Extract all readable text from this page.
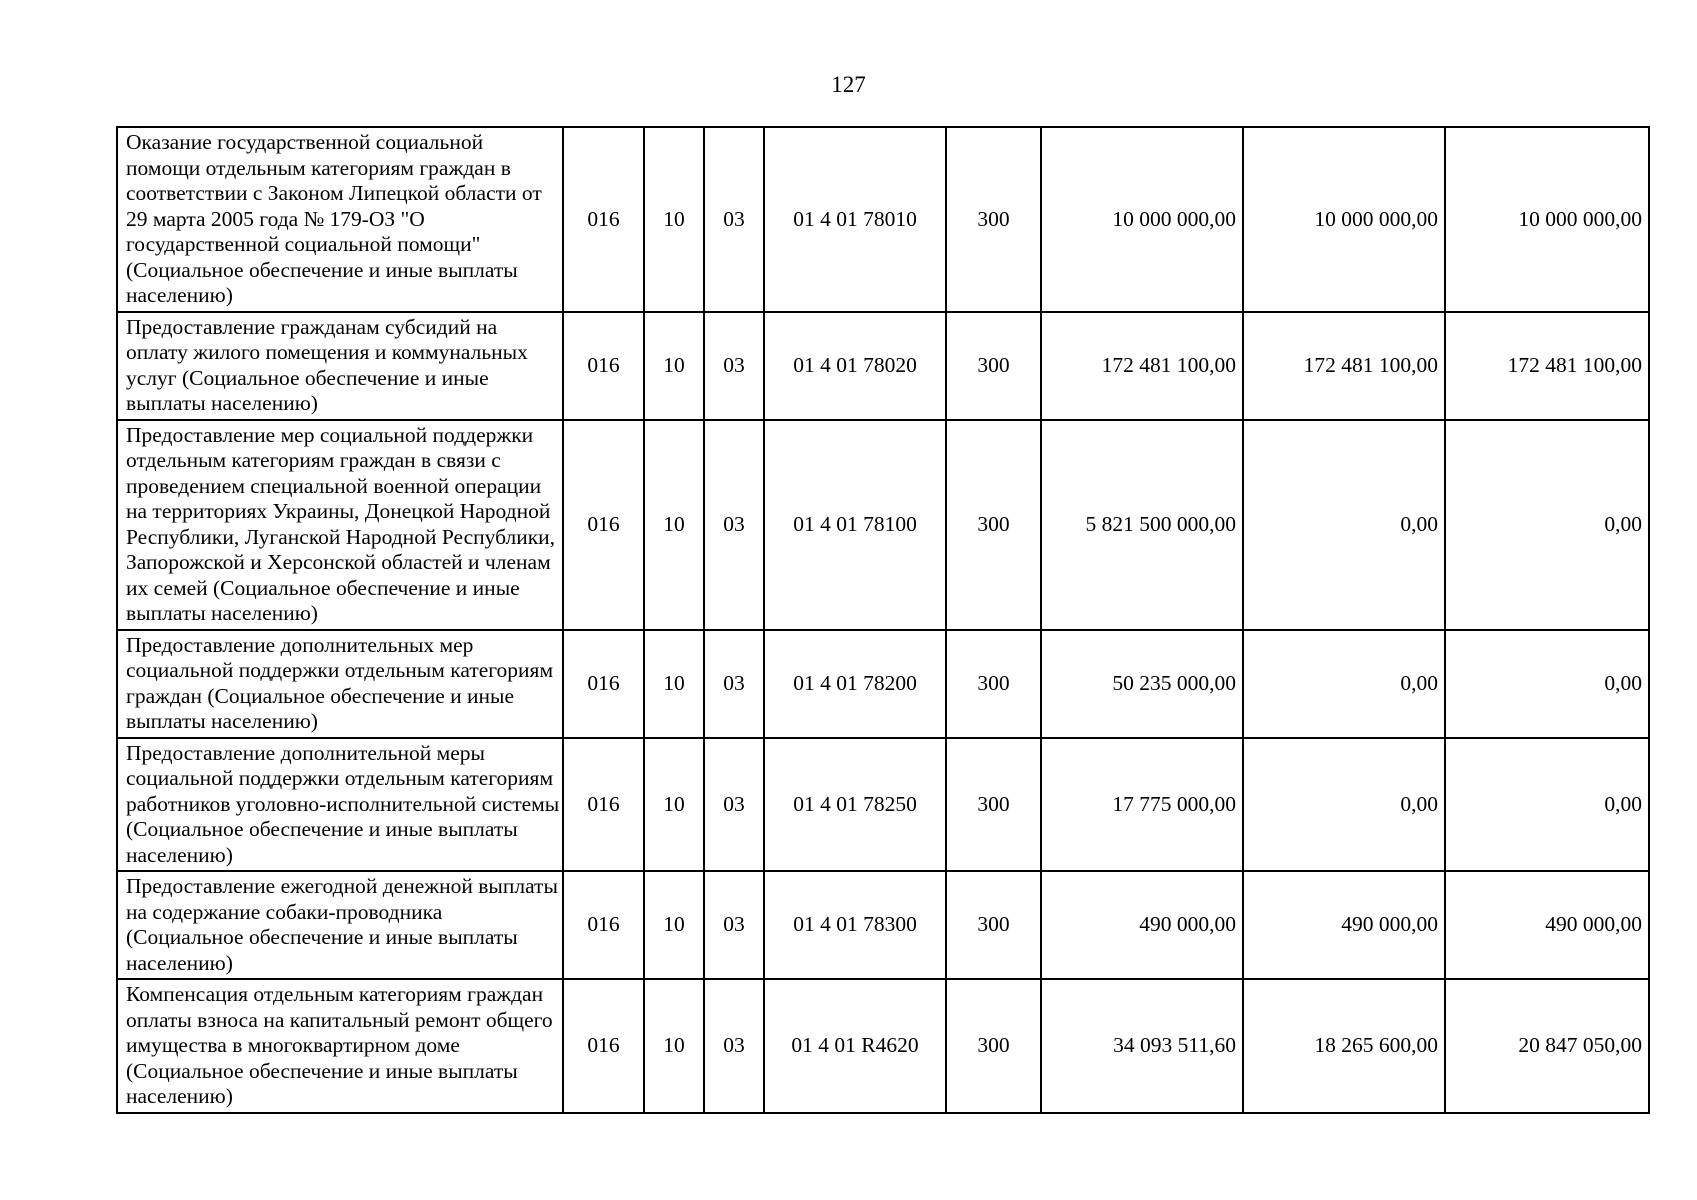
127
Оказание государственной социальной помощи отдельным категориям граждан в соответствии с Законом Липецкой области от 29 марта 2005 года № 179-ОЗ "О государственной социальной помощи" (Социальное обеспечение и иные выплаты населению)	016	10	03	01 4 01 78010	300	10 000 000,00	10 000 000,00	10 000 000,00
Предоставление гражданам субсидий на оплату жилого помещения и коммунальных услуг (Социальное обеспечение и иные выплаты населению)	016	10	03	01 4 01 78020	300	172 481 100,00	172 481 100,00	172 481 100,00
Предоставление мер социальной поддержки отдельным категориям граждан в связи с проведением специальной военной операции на территориях Украины, Донецкой Народной Республики, Луганской Народной Республики, Запорожской и Херсонской областей и членам их семей (Социальное обеспечение и иные выплаты населению)	016	10	03	01 4 01 78100	300	5 821 500 000,00	0,00	0,00
Предоставление дополнительных мер социальной поддержки отдельным категориям граждан (Социальное обеспечение и иные выплаты населению)	016	10	03	01 4 01 78200	300	50 235 000,00	0,00	0,00
Предоставление дополнительной меры социальной поддержки отдельным категориям работников уголовно-исполнительной системы (Социальное обеспечение и иные выплаты населению)	016	10	03	01 4 01 78250	300	17 775 000,00	0,00	0,00
Предоставление ежегодной денежной выплаты на содержание собаки-проводника (Социальное обеспечение и иные выплаты населению)	016	10	03	01 4 01 78300	300	490 000,00	490 000,00	490 000,00
Компенсация отдельным категориям граждан оплаты взноса на капитальный ремонт общего имущества в многоквартирном доме (Социальное обеспечение и иные выплаты населению)	016	10	03	01 4 01 R4620	300	34 093 511,60	18 265 600,00	20 847 050,00
